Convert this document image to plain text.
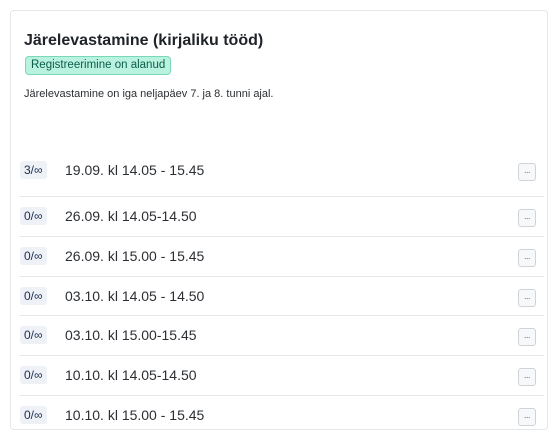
Järelevastamine (kirjaliku tööd)
Registreerimine on alanud
Järelevastamine on iga neljapäev 7. ja 8. tunni ajal.
3/∞ 19.09. kl 14.05 - 15.45	...
0/∞ 26.09. kl 14.05-14.50	...
0/∞ 26.09. kl 15.00 - 15.45	...
0/∞ 03.10. kl 14.05 - 14.50	...
0/∞ 03.10. kl 15.00-15.45	...
0/∞ 10.10. kl 14.05-14.50	...
0/∞ 10.10. kl 15.00 - 15.45	...
